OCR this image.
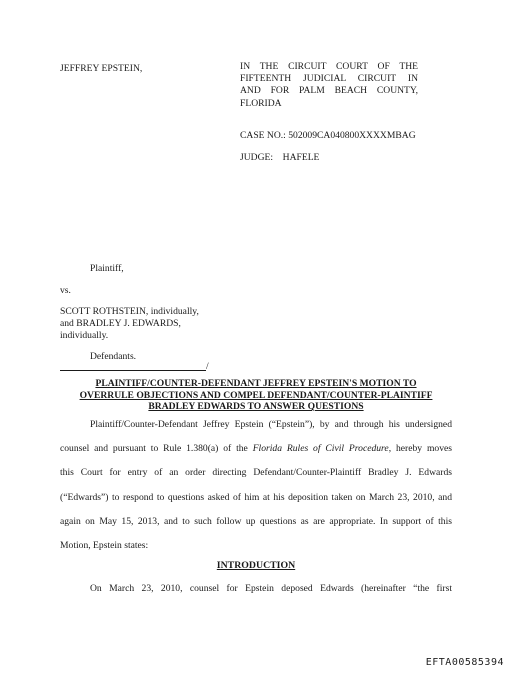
JEFFREY EPSTEIN,	IN THE CIRCUIT COURT OF THE
FIFTEENTH JUDICIAL CIRCUIT IN
AND FOR PALM BEACH COUNTY,
FLORIDA
CASE NO.: 502009CA040800XXXXMBAG
JUDGE:    HAFELE
Plaintiff,
vs.
SCOTT ROTHSTEIN, individually,
and BRADLEY J. EDWARDS,
individually.
Defendants.
/
PLAINTIFF/COUNTER-DEFENDANT JEFFREY EPSTEIN'S MOTION TO
OVERRULE OBJECTIONS AND COMPEL DEFENDANT/COUNTER-PLAINTIFF
BRADLEY EDWARDS TO ANSWER QUESTIONS
Plaintiff/Counter-Defendant Jeffrey Epstein (“Epstein”), by and through his undersigned
counsel and pursuant to Rule 1.380(a) of the Florida Rules of Civil Procedure, hereby moves
this Court for entry of an order directing Defendant/Counter-Plaintiff Bradley J. Edwards
(“Edwards”) to respond to questions asked of him at his deposition taken on March 23, 2010, and
again on May 15, 2013, and to such follow up questions as are appropriate. In support of this
Motion, Epstein states:
INTRODUCTION
On March 23, 2010, counsel for Epstein deposed Edwards (hereinafter “the first
EFTA00585394
